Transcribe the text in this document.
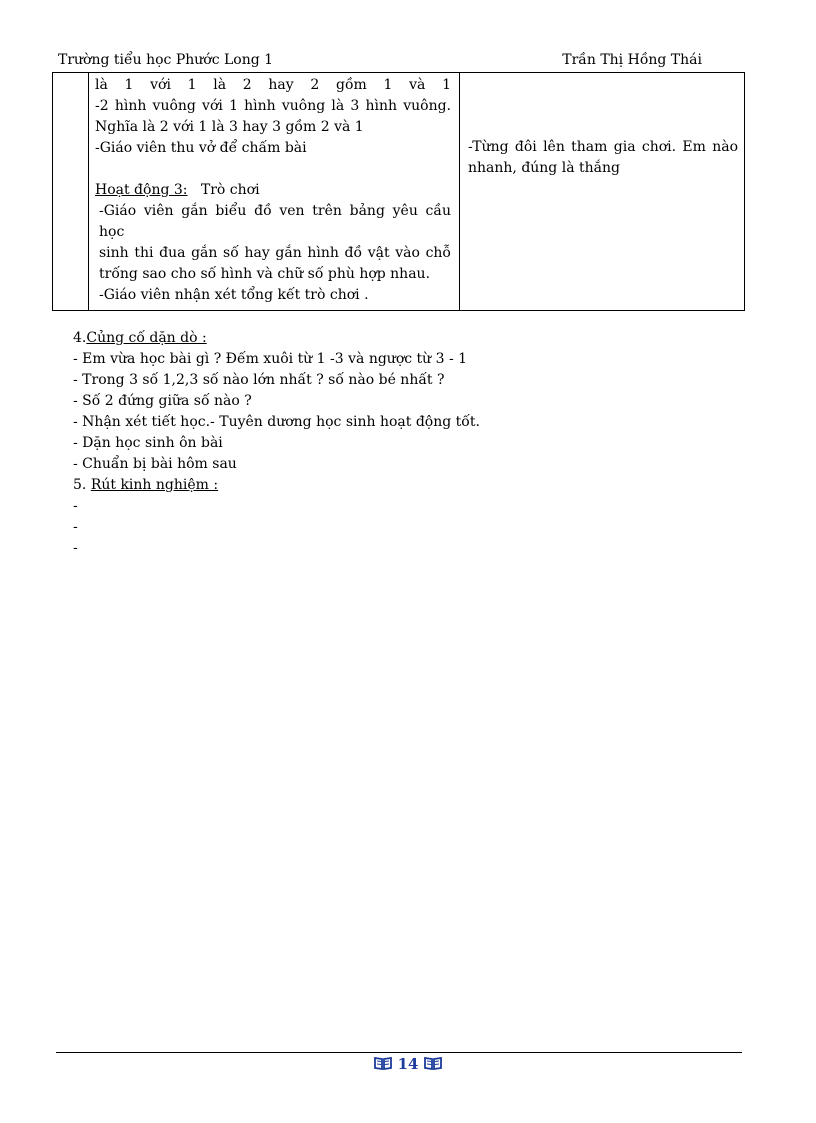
Trường tiểu học Phước Long 1	Trần Thị Hồng Thái

là 1 với 1 là 2 hay 2 gồm 1 và 1
-2 hình vuông với 1 hình vuông là 3 hình vuông.
Nghĩa là 2 với 1 là 3 hay 3 gồm 2 và 1
-Giáo viên thu vở để chấm bài
Hoạt động 3: Trò chơi
-Giáo viên gắn biểu đồ ven trên bảng yêu cầu học
sinh thi đua gắn số hay gắn hình đồ vật vào chỗ
trống sao cho số hình và chữ số phù hợp nhau.
-Giáo viên nhận xét tổng kết trò chơi .

-Từng đôi lên tham gia chơi. Em nào
nhanh, đúng là thắng
4.Củng cố dặn dò :
- Em vừa học bài gì ? Đếm xuôi từ 1 -3 và ngược từ 3 - 1
- Trong 3 số 1,2,3 số nào lớn nhất ? số nào bé nhất ?
- Số 2 đứng giữa số nào ?
- Nhận xét tiết học.- Tuyên dương học sinh hoạt động tốt.
- Dặn học sinh ôn bài
- Chuẩn bị bài hôm sau
5. Rút kinh nghiệm :
-
-
-
14
